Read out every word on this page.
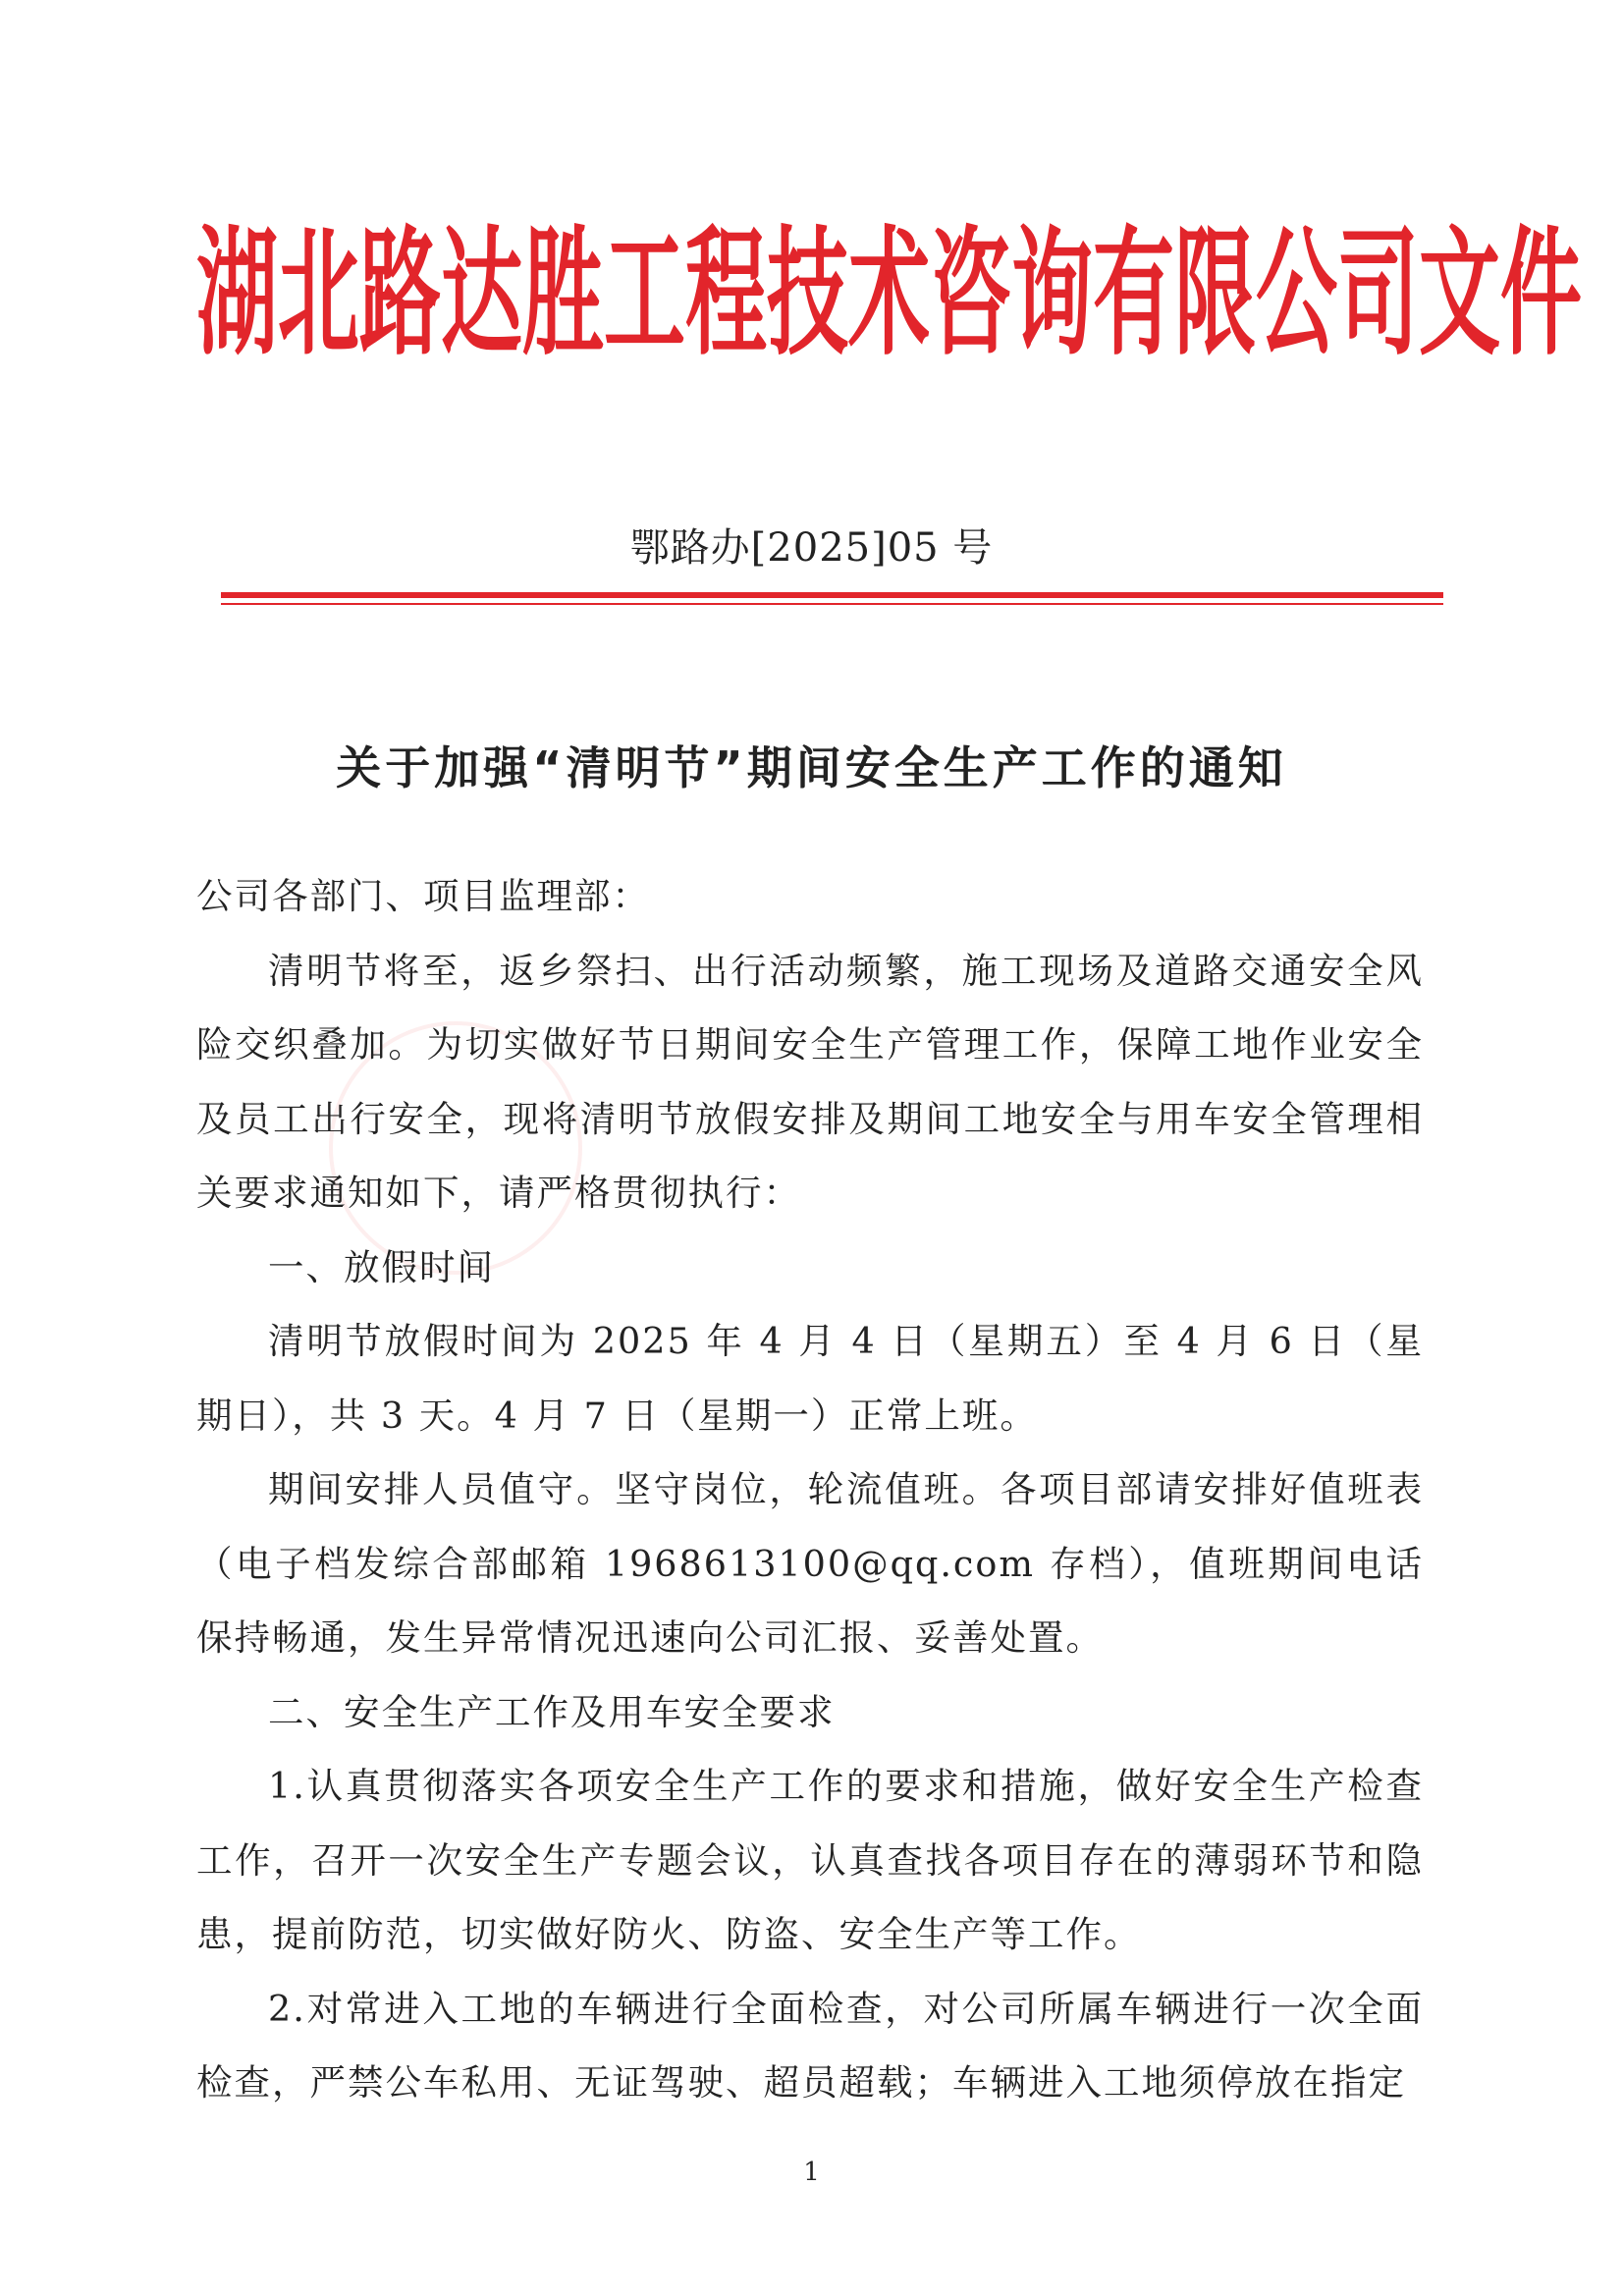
湖北路达胜工程技术咨询有限公司文件
鄂路办[2025]05 号
关于加强“清明节”期间安全生产工作的通知

公司各部门、项目监理部：

清明节将至，返乡祭扫、出行活动频繁，施工现场及道路交通安全风险交织叠加。为切实做好节日期间安全生产管理工作，保障工地作业安全及员工出行安全，现将清明节放假安排及期间工地安全与用车安全管理相关要求通知如下，请严格贯彻执行：

一、放假时间

清明节放假时间为 2025 年 4 月 4 日（星期五）至 4 月 6 日（星期日），共 3 天。4 月 7 日（星期一）正常上班。

期间安排人员值守。坚守岗位，轮流值班。各项目部请安排好值班表（电子档发综合部邮箱 1968613100@qq.com 存档），值班期间电话保持畅通，发生异常情况迅速向公司汇报、妥善处置。

二、安全生产工作及用车安全要求

1.认真贯彻落实各项安全生产工作的要求和措施，做好安全生产检查工作，召开一次安全生产专题会议，认真查找各项目存在的薄弱环节和隐患，提前防范，切实做好防火、防盗、安全生产等工作。

2.对常进入工地的车辆进行全面检查，对公司所属车辆进行一次全面检查，严禁公车私用、无证驾驶、超员超载；车辆进入工地须停放在指定

1
